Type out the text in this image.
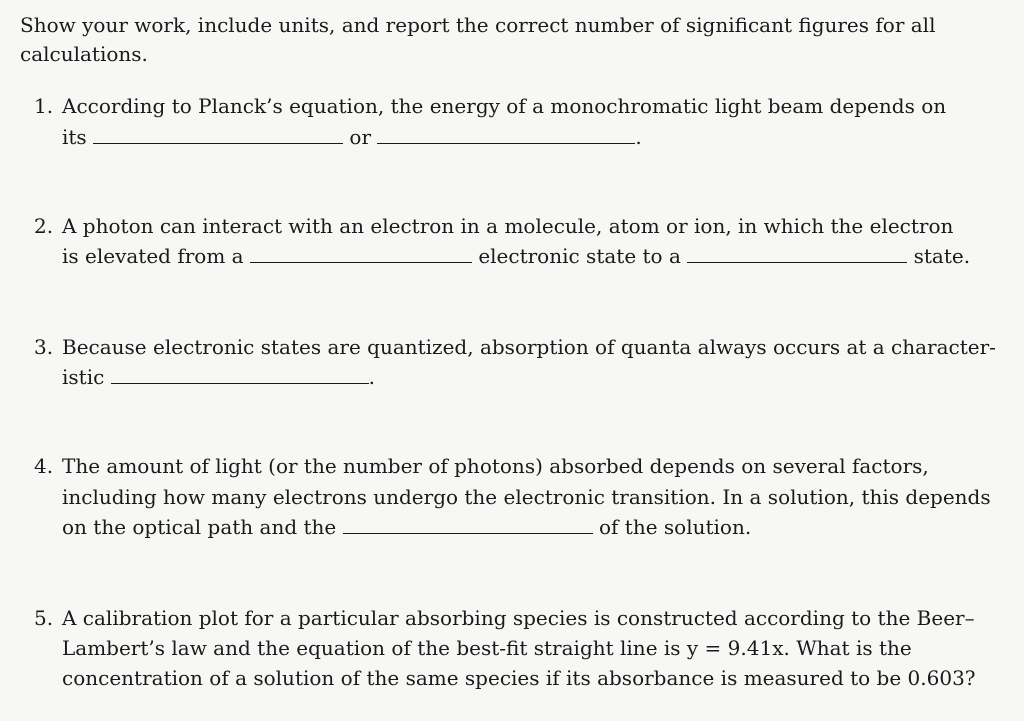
Show your work, include units, and report the correct number of significant figures for all
calculations.
1. According to Planck’s equation, the energy of a monochromatic light beam depends on
its	or	.
2. A photon can interact with an electron in a molecule, atom or ion, in which the electron
is elevated from a	electronic state to a	state.
3. Because electronic states are quantized, absorption of quanta always occurs at a character-
istic	.
4. The amount of light (or the number of photons) absorbed depends on several factors,
including how many electrons undergo the electronic transition. In a solution, this depends
on the optical path and the	of the solution.
5. A calibration plot for a particular absorbing species is constructed according to the Beer–
Lambert’s law and the equation of the best-fit straight line is y = 9.41x. What is the
concentration of a solution of the same species if its absorbance is measured to be 0.603?
